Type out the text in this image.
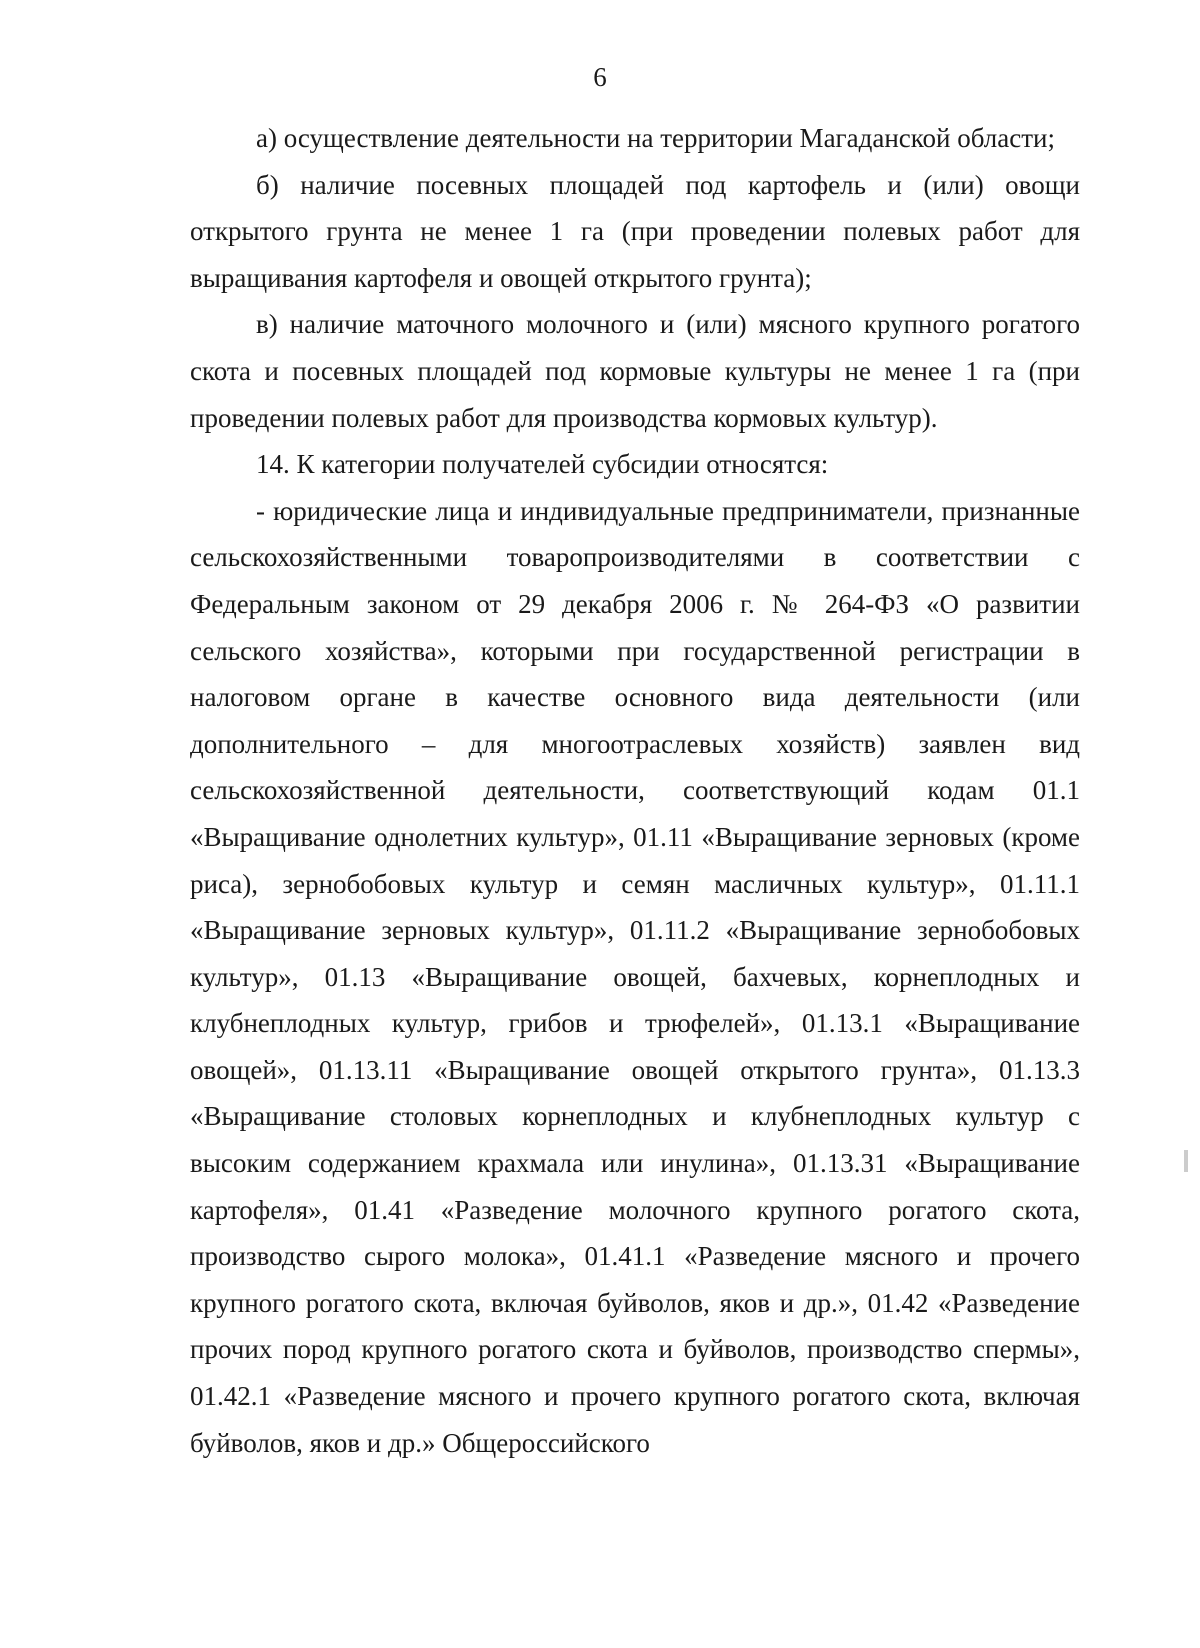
6

а) осуществление деятельности на территории Магаданской области;

б) наличие посевных площадей под картофель и (или) овощи открытого грунта не менее 1 га (при проведении полевых работ для выращивания картофеля и овощей открытого грунта);

в) наличие маточного молочного и (или) мясного крупного рогатого скота и посевных площадей под кормовые культуры не менее 1 га (при проведении полевых работ для производства кормовых культур).

14. К категории получателей субсидии относятся:

- юридические лица и индивидуальные предприниматели, признанные сельскохозяйственными товаропроизводителями в соответствии с Федеральным законом от 29 декабря 2006 г. № 264-ФЗ «О развитии сельского хозяйства», которыми при государственной регистрации в налоговом органе в качестве основного вида деятельности (или дополнительного – для многоотраслевых хозяйств) заявлен вид сельскохозяйственной деятельности, соответствующий кодам 01.1 «Выращивание однолетних культур», 01.11 «Выращивание зерновых (кроме риса), зернобобовых культур и семян масличных культур», 01.11.1 «Выращивание зерновых культур», 01.11.2 «Выращивание зернобобовых культур», 01.13 «Выращивание овощей, бахчевых, корнеплодных и клубнеплодных культур, грибов и трюфелей», 01.13.1 «Выращивание овощей», 01.13.11 «Выращивание овощей открытого грунта», 01.13.3 «Выращивание столовых корнеплодных и клубнеплодных культур с высоким содержанием крахмала или инулина», 01.13.31 «Выращивание картофеля», 01.41 «Разведение молочного крупного рогатого скота, производство сырого молока», 01.41.1 «Разведение мясного и прочего крупного рогатого скота, включая буйволов, яков и др.», 01.42 «Разведение прочих пород крупного рогатого скота и буйволов, производство спермы», 01.42.1 «Разведение мясного и прочего крупного рогатого скота, включая буйволов, яков и др.» Общероссийского
